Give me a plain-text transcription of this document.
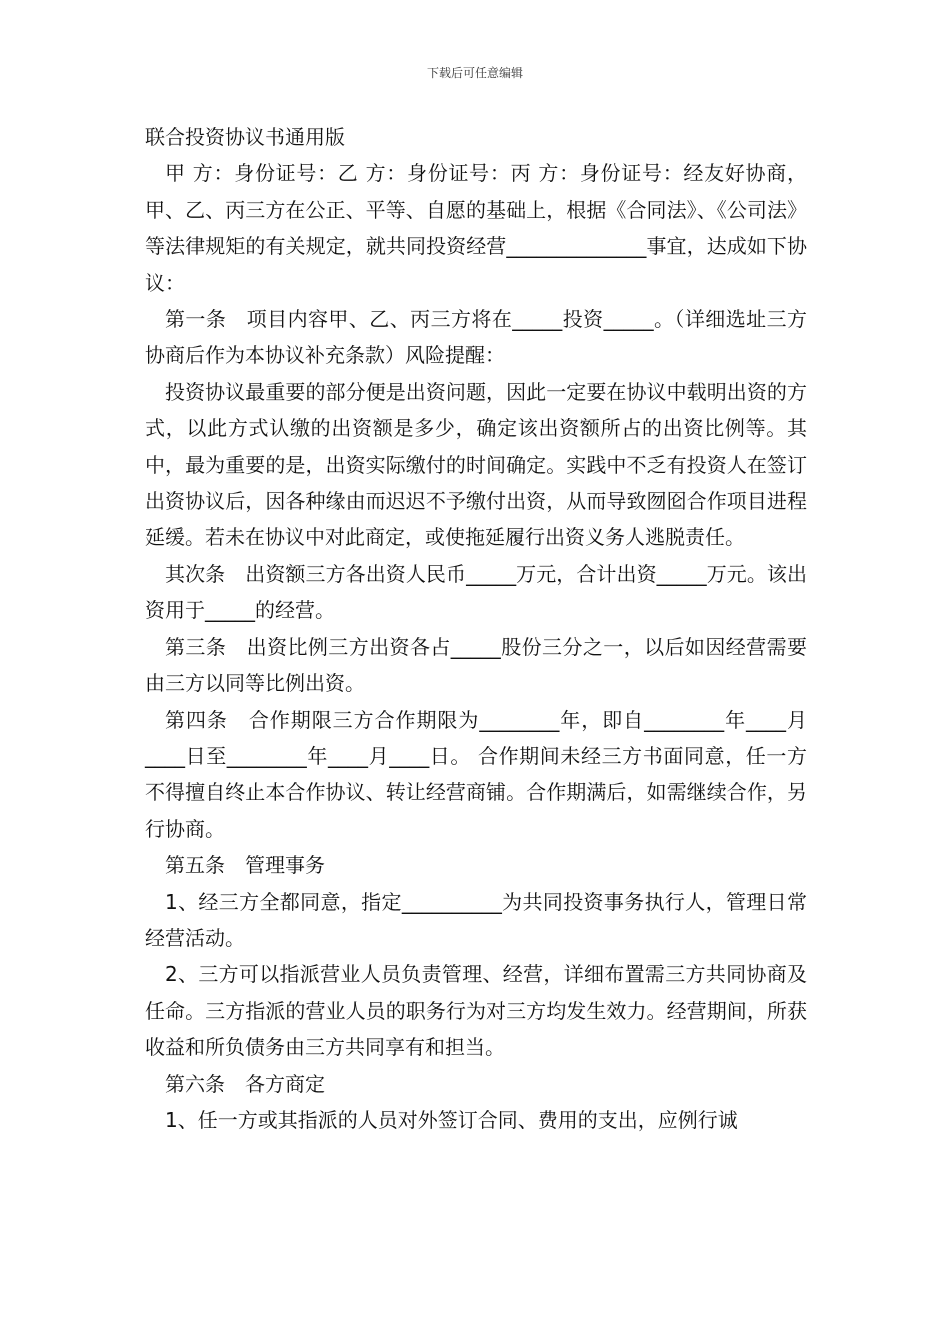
下载后可任意编辑

联合投资协议书通用版

甲 方：身份证号：乙 方：身份证号：丙 方：身份证号：经友好协商，甲、乙、丙三方在公正、平等、自愿的基础上，根据《合同法》、《公司法》等法律规矩的有关规定，就共同投资经营______________事宜，达成如下协议：

第一条　项目内容甲、乙、丙三方将在_____投资_____。（详细选址三方协商后作为本协议补充条款）风险提醒：

投资协议最重要的部分便是出资问题，因此一定要在协议中载明出资的方式，以此方式认缴的出资额是多少，确定该出资额所占的出资比例等。其中，最为重要的是，出资实际缴付的时间确定。实践中不乏有投资人在签订出资协议后，因各种缘由而迟迟不予缴付出资，从而导致囫囵合作项目进程延缓。若未在协议中对此商定，或使拖延履行出资义务人逃脱责任。

其次条　出资额三方各出资人民币_____万元，合计出资_____万元。该出资用于_____的经营。

第三条　出资比例三方出资各占_____股份三分之一，以后如因经营需要由三方以同等比例出资。

第四条　合作期限三方合作期限为________年，即自________年____月____日至________年____月____日。 合作期间未经三方书面同意，任一方不得擅自终止本合作协议、转让经营商铺。合作期满后，如需继续合作，另行协商。

第五条　管理事务

1、经三方全都同意，指定__________为共同投资事务执行人，管理日常经营活动。

2、三方可以指派营业人员负责管理、经营，详细布置需三方共同协商及任命。三方指派的营业人员的职务行为对三方均发生效力。经营期间，所获收益和所负债务由三方共同享有和担当。

第六条　各方商定

1、任一方或其指派的人员对外签订合同、费用的支出，应例行诚
